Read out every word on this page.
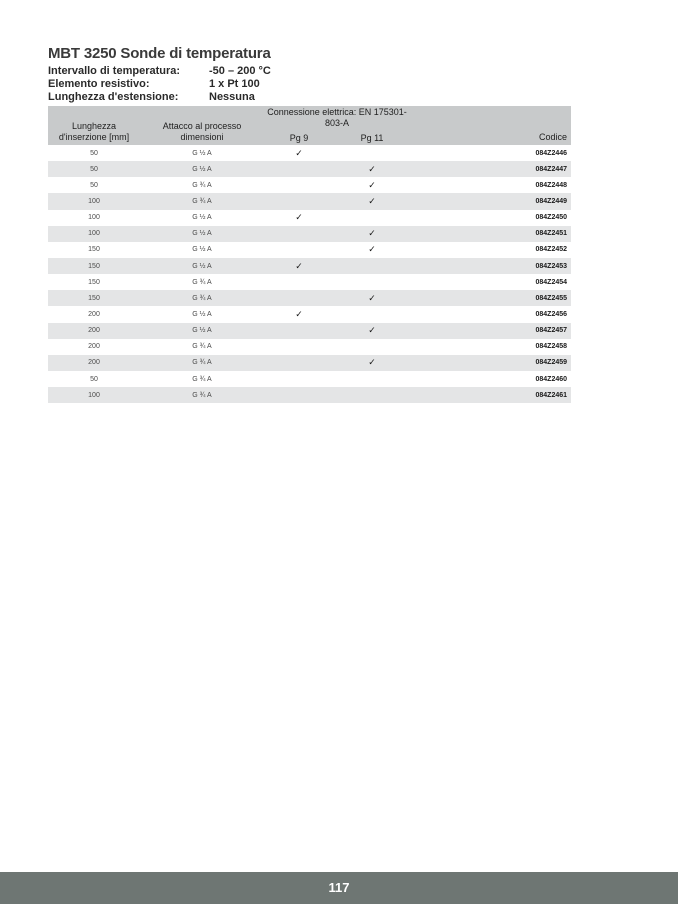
MBT 3250 Sonde di temperatura
Intervallo di temperatura:	-50 – 200 °C
Elemento resistivo:	1 x Pt 100
Lunghezza d'estensione:	Nessuna
Lunghezza d'inserzione [mm]	Attacco al processo dimensioni	Connessione elettrica: EN 175301-803-A		Codice
		Pg 9	Pg 11	
50	G ½ A	✓		084Z2446
50	G ½ A		✓	084Z2447
50	G ¾ A		✓	084Z2448
100	G ¾ A		✓	084Z2449
100	G ½ A	✓		084Z2450
100	G ½ A		✓	084Z2451
150	G ½ A		✓	084Z2452
150	G ½ A	✓		084Z2453
150	G ¾ A			084Z2454
150	G ¾ A		✓	084Z2455
200	G ½ A	✓		084Z2456
200	G ½ A		✓	084Z2457
200	G ¾ A			084Z2458
200	G ¾ A		✓	084Z2459
50	G ¾ A			084Z2460
100	G ¾ A			084Z2461
117
